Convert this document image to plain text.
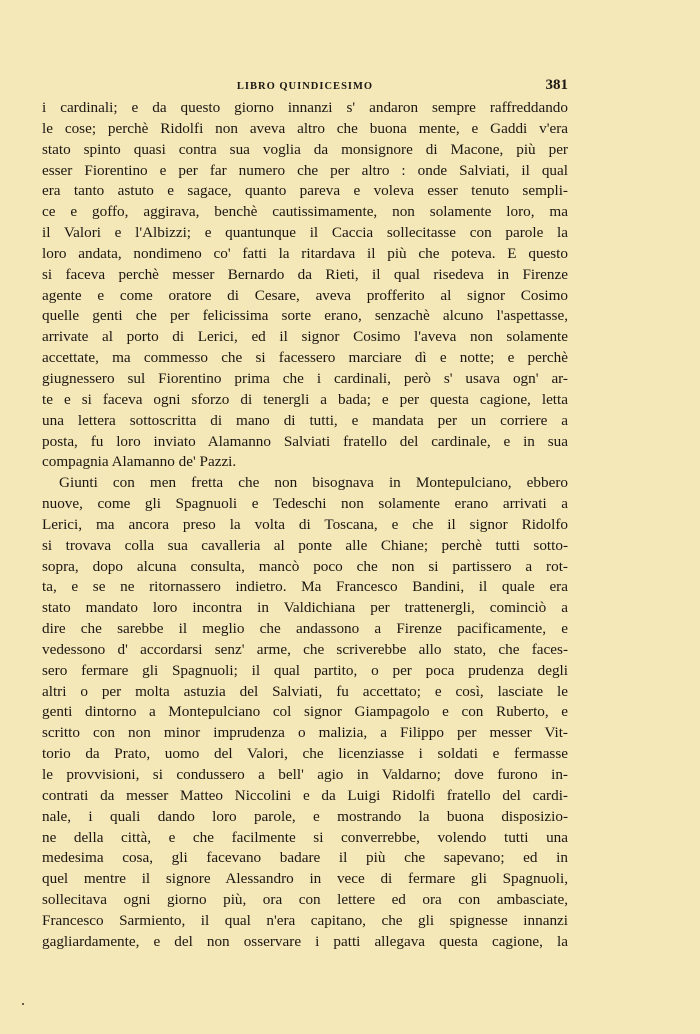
LIBRO QUINDICESIMO	381
i cardinali; e da questo giorno innanzi s' andaron sempre raffreddando
le cose; perchè Ridolfi non aveva altro che buona mente, e Gaddi v'era
stato spinto quasi contra sua voglia da monsignore di Macone, più per
esser Fiorentino e per far numero che per altro : onde Salviati, il qual
era tanto astuto e sagace, quanto pareva e voleva esser tenuto sempli-
ce e goffo, aggirava, benchè cautissimamente, non solamente loro, ma
il Valori e l'Albizzi; e quantunque il Caccia sollecitasse con parole la
loro andata, nondimeno co' fatti la ritardava il più che poteva. E questo
si faceva perchè messer Bernardo da Rieti, il qual risedeva in Firenze
agente e come oratore di Cesare, aveva profferito al signor Cosimo
quelle genti che per felicissima sorte erano, senzachè alcuno l'aspettasse,
arrivate al porto di Lerici, ed il signor Cosimo l'aveva non solamente
accettate, ma commesso che si facessero marciare dì e notte; e perchè
giugnessero sul Fiorentino prima che i cardinali, però s' usava ogn' ar-
te e si faceva ogni sforzo di tenergli a bada; e per questa cagione, letta
una lettera sottoscritta di mano di tutti, e mandata per un corriere a
posta, fu loro inviato Alamanno Salviati fratello del cardinale, e in sua
compagnia Alamanno de' Pazzi.
Giunti con men fretta che non bisognava in Montepulciano, ebbero
nuove, come gli Spagnuoli e Tedeschi non solamente erano arrivati a
Lerici, ma ancora preso la volta di Toscana, e che il signor Ridolfo
si trovava colla sua cavalleria al ponte alle Chiane; perchè tutti sotto-
sopra, dopo alcuna consulta, mancò poco che non si partissero a rot-
ta, e se ne ritornassero indietro. Ma Francesco Bandini, il quale era
stato mandato loro incontra in Valdichiana per trattenergli, cominciò a
dire che sarebbe il meglio che andassono a Firenze pacificamente, e
vedessono d' accordarsi senz' arme, che scriverebbe allo stato, che faces-
sero fermare gli Spagnuoli; il qual partito, o per poca prudenza degli
altri o per molta astuzia del Salviati, fu accettato; e così, lasciate le
genti dintorno a Montepulciano col signor Giampagolo e con Ruberto, e
scritto con non minor imprudenza o malizia, a Filippo per messer Vit-
torio da Prato, uomo del Valori, che licenziasse i soldati e fermasse
le provvisioni, si condussero a bell' agio in Valdarno; dove furono in-
contrati da messer Matteo Niccolini e da Luigi Ridolfi fratello del cardi-
nale, i quali dando loro parole, e mostrando la buona disposizio-
ne della città, e che facilmente si converrebbe, volendo tutti una
medesima cosa, gli facevano badare il più che sapevano; ed in
quel mentre il signore Alessandro in vece di fermare gli Spagnuoli,
sollecitava ogni giorno più, ora con lettere ed ora con ambasciate,
Francesco Sarmiento, il qual n'era capitano, che gli spignesse innanzi
gagliardamente, e del non osservare i patti allegava questa cagione, la
